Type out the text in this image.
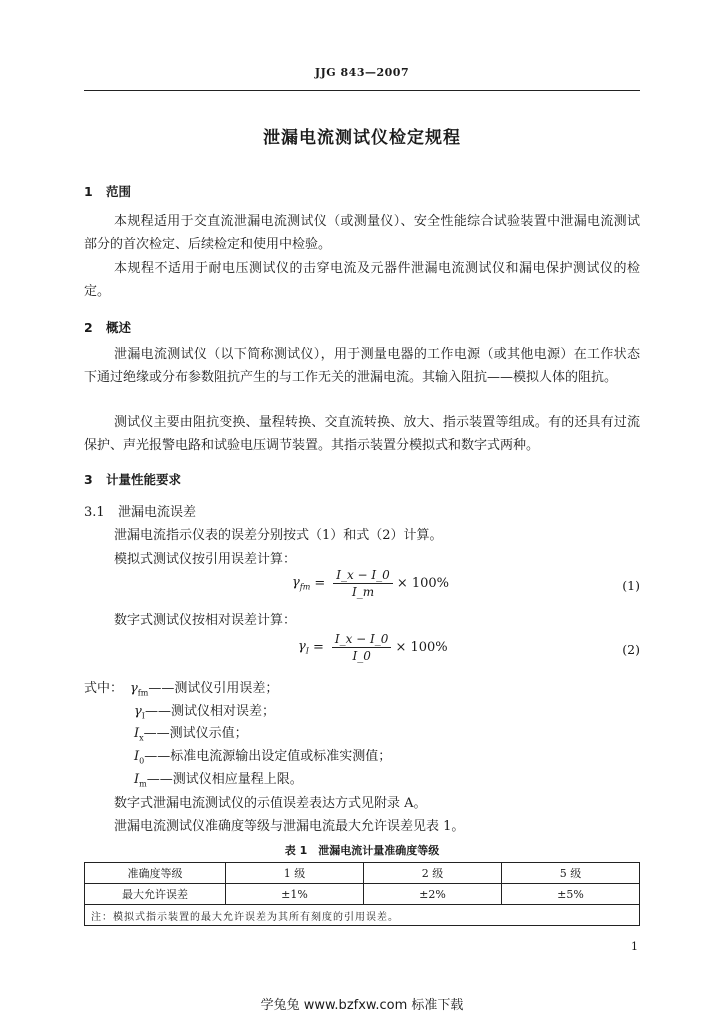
JJG 843—2007
泄漏电流测试仪检定规程
1 范围
本规程适用于交直流泄漏电流测试仪（或测量仪）、安全性能综合试验装置中泄漏电流测试部分的首次检定、后续检定和使用中检验。
本规程不适用于耐电压测试仪的击穿电流及元器件泄漏电流测试仪和漏电保护测试仪的检定。
2 概述
泄漏电流测试仪（以下简称测试仪），用于测量电器的工作电源（或其他电源）在工作状态下通过绝缘或分布参数阻抗产生的与工作无关的泄漏电流。其输入阻抗——模拟人体的阻抗。
测试仪主要由阻抗变换、量程转换、交直流转换、放大、指示装置等组成。有的还具有过流保护、声光报警电路和试验电压调节装置。其指示装置分模拟式和数字式两种。
3 计量性能要求
3.1 泄漏电流误差
泄漏电流指示仪表的误差分别按式（1）和式（2）计算。
模拟式测试仪按引用误差计算：
$\gamma_{fm} = \frac{I\_x - I\_0}{I\_m} \times 100\%$	(1)
数字式测试仪按相对误差计算：
$\gamma_I = \frac{I\_x - I\_0}{I\_0} \times 100\%$	(2)
式中： $\gamma_{fm}——$测试仪引用误差；
$\gamma_I——$测试仪相对误差；
$I_x——$测试仪示值；
$I_0——$标准电流源输出设定值或标准实测值；
$I_m——$测试仪相应量程上限。
数字式泄漏电流测试仪的示值误差表达方式见附录 A。
泄漏电流测试仪准确度等级与泄漏电流最大允许误差见表 1。
表 1　泄漏电流计量准确度等级
准确度等级	1 级	2 级	5 级
最大允许误差	±1%	±2%	±5%
注：模拟式指示装置的最大允许误差为其所有刻度的引用误差。			
1
学兔兔 www.bzfxw.com 标准下载
